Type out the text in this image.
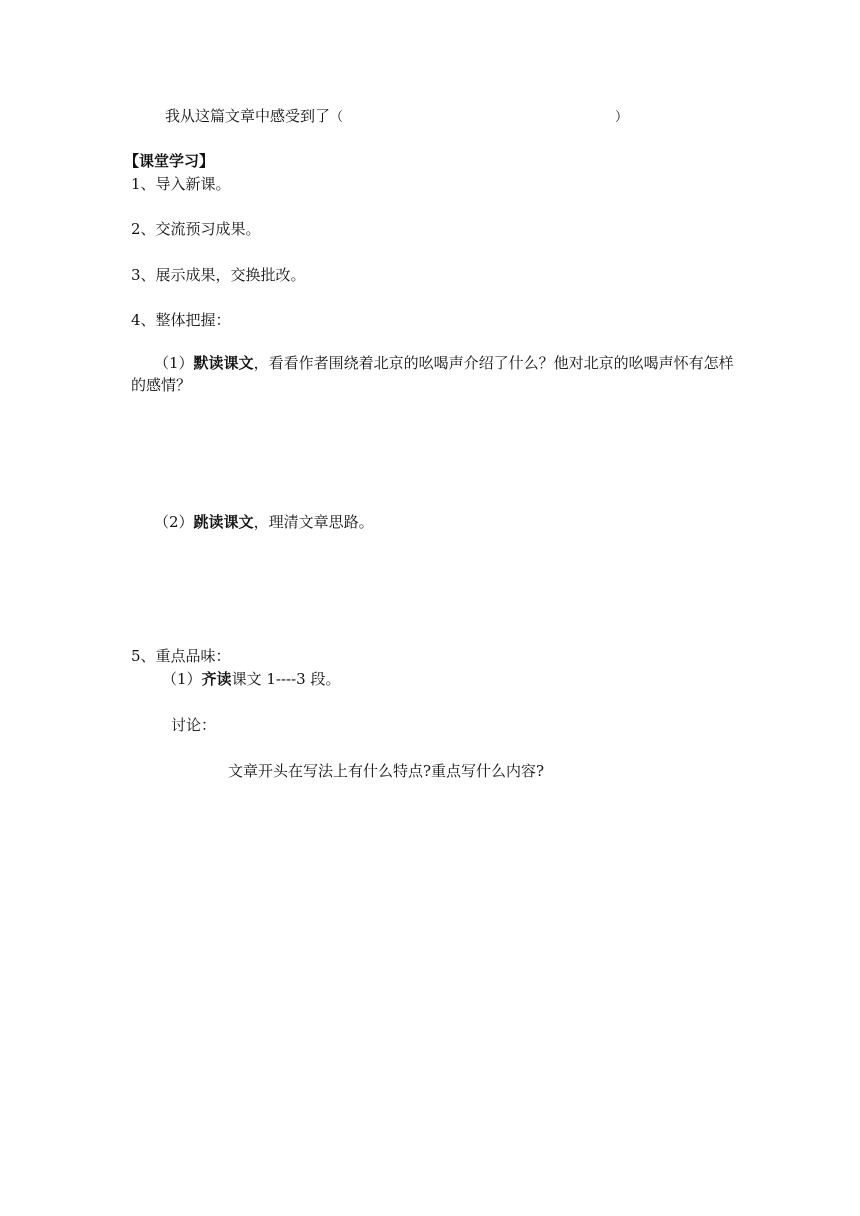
我从这篇文章中感受到了（	）
【课堂学习】
1、导入新课。
2、交流预习成果。
3、展示成果，交换批改。
4、整体把握：
（1）默读课文，看看作者围绕着北京的吆喝声介绍了什么？他对北京的吆喝声怀有怎样的感情？
（2）跳读课文，理清文章思路。
5、重点品味：
（1）齐读课文 1----3 段。
讨论：
文章开头在写法上有什么特点?重点写什么内容?
